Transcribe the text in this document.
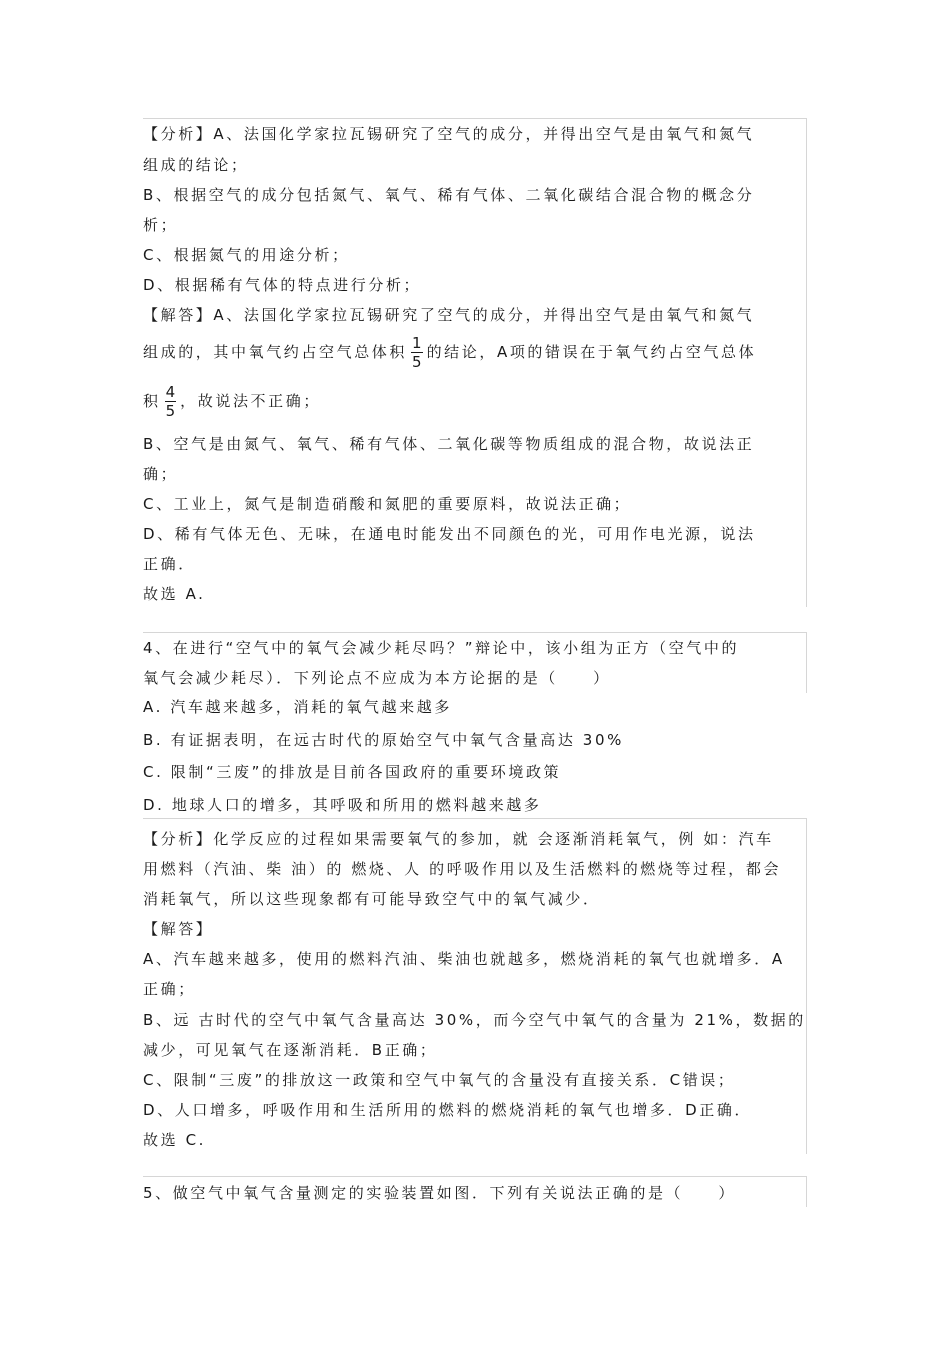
【分析】A、法国化学家拉瓦锡研究了空气的成分，并得出空气是由氧气和氮气
组成的结论；
B、根据空气的成分包括氮气、氧气、稀有气体、二氧化碳结合混合物的概念分
析；
C、根据氮气的用途分析；
D、根据稀有气体的特点进行分析；
【解答】A、法国化学家拉瓦锡研究了空气的成分，并得出空气是由氧气和氮气
组成的，其中氧气约占空气总体积 $\frac{1}{5}$ 的结论，A项的错误在于氧气约占空气总体
积 $\frac{4}{5}$ ，故说法不正确；
B、空气是由氮气、氧气、稀有气体、二氧化碳等物质组成的混合物，故说法正
确；
C、工业上，氮气是制造硝酸和氮肥的重要原料，故说法正确；
D、稀有气体无色、无味，在通电时能发出不同颜色的光，可用作电光源，说法
正确．
故选 A.
4、在进行“空气中的氧气会减少耗尽吗？”辩论中，该小组为正方（空气中的
氧气会减少耗尽）．下列论点不应成为本方论据的是（　　）
A. 汽车越来越多，消耗的氧气越来越多
B. 有证据表明，在远古时代的原始空气中氧气含量高达 30%
C. 限制“三废”的排放是目前各国政府的重要环境政策
D. 地球人口的增多，其呼吸和所用的燃料越来越多
【分析】化学反应的过程如果需要氧气的参加，就 会逐渐消耗氧气，例 如：汽车
用燃料（汽油、柴 油）的 燃烧、人 的呼吸作用以及生活燃料的燃烧等过程，都会
消耗氧气，所以这些现象都有可能导致空气中的氧气减少．
【解答】
A、汽车越来越多，使用的燃料汽油、柴油也就越多，燃烧消耗的氧气也就增多．A
正确；
B、远 古时代的空气中氧气含量高达 30%，而今空气中氧气的含量为 21%，数据的
减少，可见氧气在逐渐消耗．B正确；
C、限制“三废”的排放这一政策和空气中氧气的含量没有直接关系．C错误；
D、人口增多，呼吸作用和生活所用的燃料的燃烧消耗的氧气也增多．D正确．
故选 C.
5、做空气中氧气含量测定的实验装置如图．下列有关说法正确的是（　　）
